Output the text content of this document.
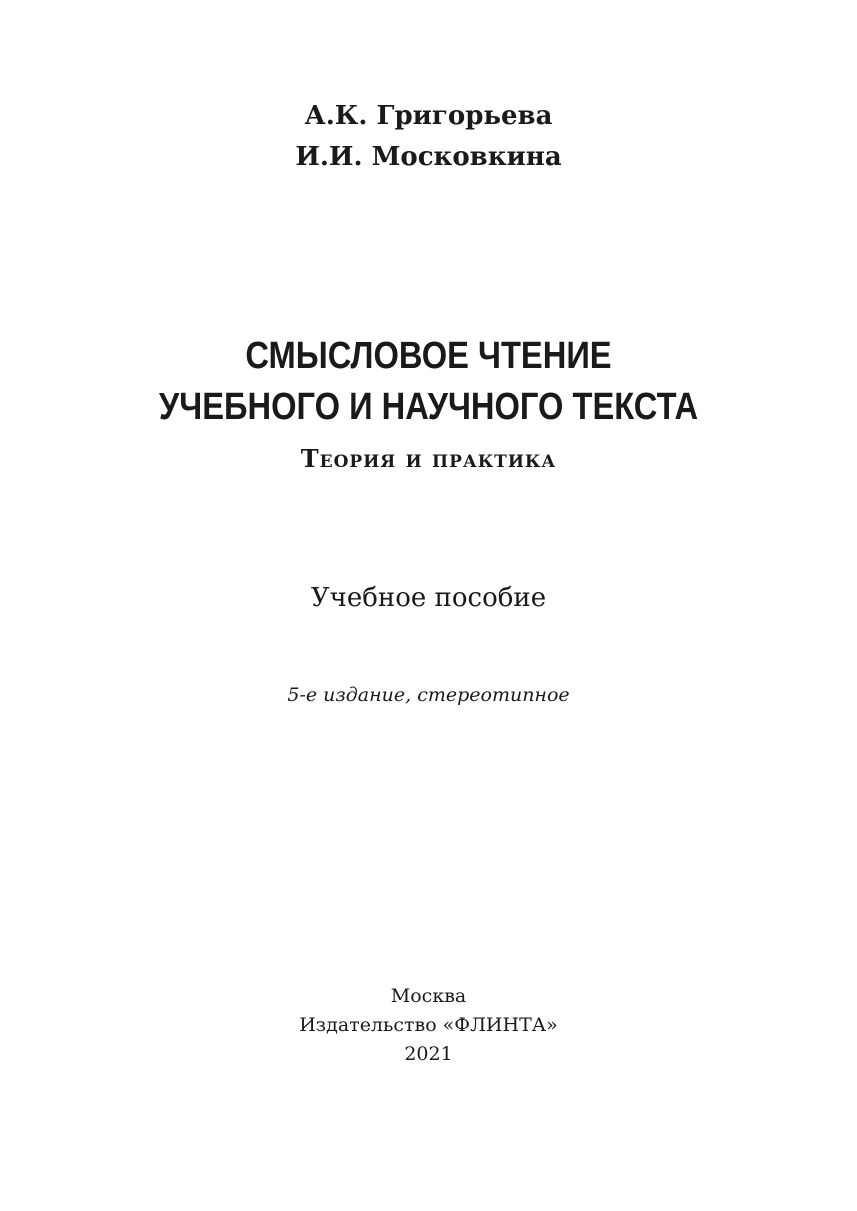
А.К. Григорьева
И.И. Московкина
СМЫСЛОВОЕ ЧТЕНИЕ
УЧЕБНОГО И НАУЧНОГО ТЕКСТА
Теория и практика
Учебное пособие
5-е издание, стереотипное
Москва
Издательство «ФЛИНТА»
2021
